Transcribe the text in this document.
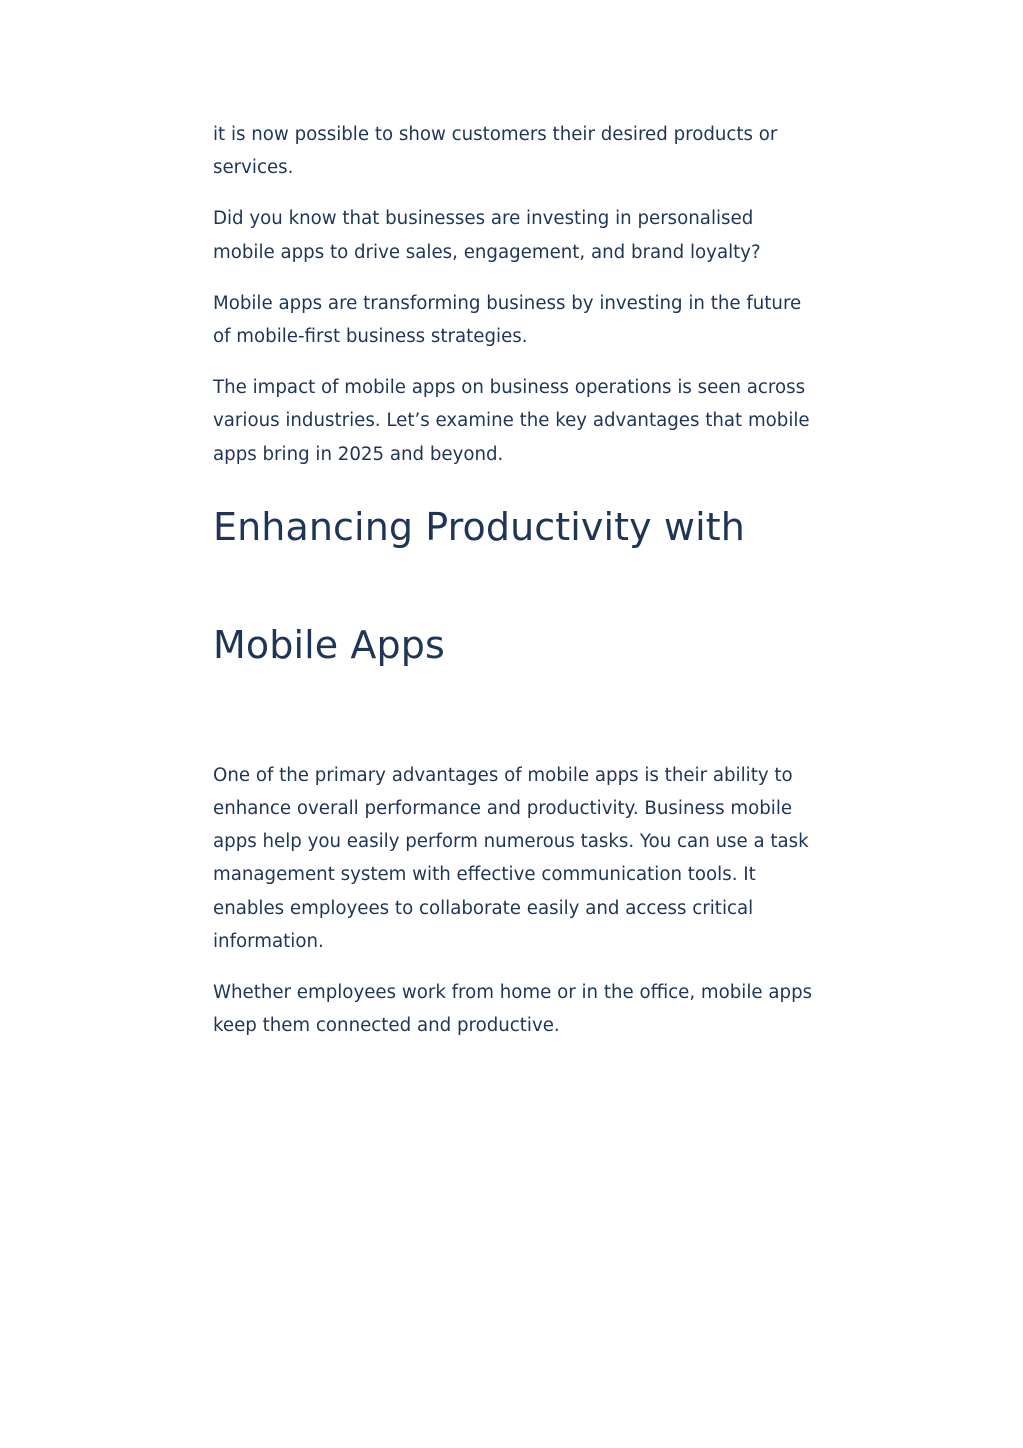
it is now possible to show customers their desired products or services.

Did you know that businesses are investing in personalised mobile apps to drive sales, engagement, and brand loyalty?

Mobile apps are transforming business by investing in the future of mobile-first business strategies.

The impact of mobile apps on business operations is seen across various industries. Let’s examine the key advantages that mobile apps bring in 2025 and beyond.

Enhancing Productivity with
Mobile Apps

One of the primary advantages of mobile apps is their ability to enhance overall performance and productivity. Business mobile apps help you easily perform numerous tasks. You can use a task management system with effective communication tools. It enables employees to collaborate easily and access critical information.

Whether employees work from home or in the office, mobile apps keep them connected and productive.
